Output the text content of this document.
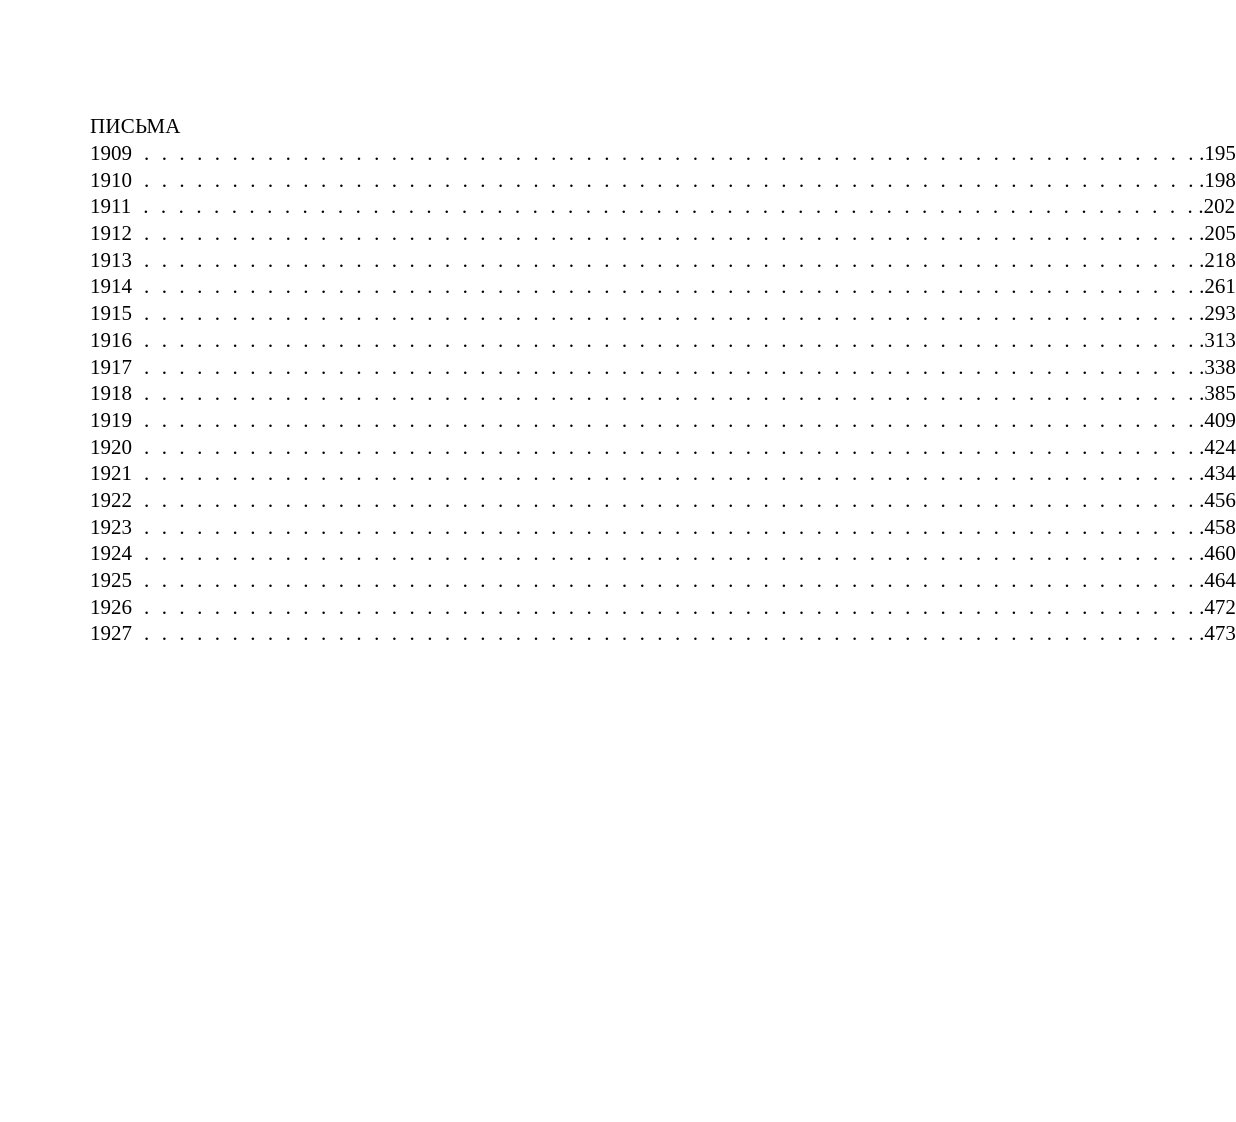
ПИСЬМА
1909 . . . . . . . . . . . . . . . . . . . . . . . . . . . . . . . . . . . . . . . . . . . . . . . . . . . . . . . . . . . . .195
1910 . . . . . . . . . . . . . . . . . . . . . . . . . . . . . . . . . . . . . . . . . . . . . . . . . . . . . . . . . . . . .198
1911 . . . . . . . . . . . . . . . . . . . . . . . . . . . . . . . . . . . . . . . . . . . . . . . . . . . . . . . . . . . . .202
1912 . . . . . . . . . . . . . . . . . . . . . . . . . . . . . . . . . . . . . . . . . . . . . . . . . . . . . . . . . . . . .205
1913 . . . . . . . . . . . . . . . . . . . . . . . . . . . . . . . . . . . . . . . . . . . . . . . . . . . . . . . . . . . . .218
1914 . . . . . . . . . . . . . . . . . . . . . . . . . . . . . . . . . . . . . . . . . . . . . . . . . . . . . . . . . . . . .261
1915 . . . . . . . . . . . . . . . . . . . . . . . . . . . . . . . . . . . . . . . . . . . . . . . . . . . . . . . . . . . . .293
1916 . . . . . . . . . . . . . . . . . . . . . . . . . . . . . . . . . . . . . . . . . . . . . . . . . . . . . . . . . . . . .313
1917 . . . . . . . . . . . . . . . . . . . . . . . . . . . . . . . . . . . . . . . . . . . . . . . . . . . . . . . . . . . . .338
1918 . . . . . . . . . . . . . . . . . . . . . . . . . . . . . . . . . . . . . . . . . . . . . . . . . . . . . . . . . . . . .385
1919 . . . . . . . . . . . . . . . . . . . . . . . . . . . . . . . . . . . . . . . . . . . . . . . . . . . . . . . . . . . . .409
1920 . . . . . . . . . . . . . . . . . . . . . . . . . . . . . . . . . . . . . . . . . . . . . . . . . . . . . . . . . . . . .424
1921 . . . . . . . . . . . . . . . . . . . . . . . . . . . . . . . . . . . . . . . . . . . . . . . . . . . . . . . . . . . . .434
1922 . . . . . . . . . . . . . . . . . . . . . . . . . . . . . . . . . . . . . . . . . . . . . . . . . . . . . . . . . . . . .456
1923 . . . . . . . . . . . . . . . . . . . . . . . . . . . . . . . . . . . . . . . . . . . . . . . . . . . . . . . . . . . . .458
1924 . . . . . . . . . . . . . . . . . . . . . . . . . . . . . . . . . . . . . . . . . . . . . . . . . . . . . . . . . . . . .460
1925 . . . . . . . . . . . . . . . . . . . . . . . . . . . . . . . . . . . . . . . . . . . . . . . . . . . . . . . . . . . . .464
1926 . . . . . . . . . . . . . . . . . . . . . . . . . . . . . . . . . . . . . . . . . . . . . . . . . . . . . . . . . . . . .472
1927 . . . . . . . . . . . . . . . . . . . . . . . . . . . . . . . . . . . . . . . . . . . . . . . . . . . . . . . . . . . . .473
